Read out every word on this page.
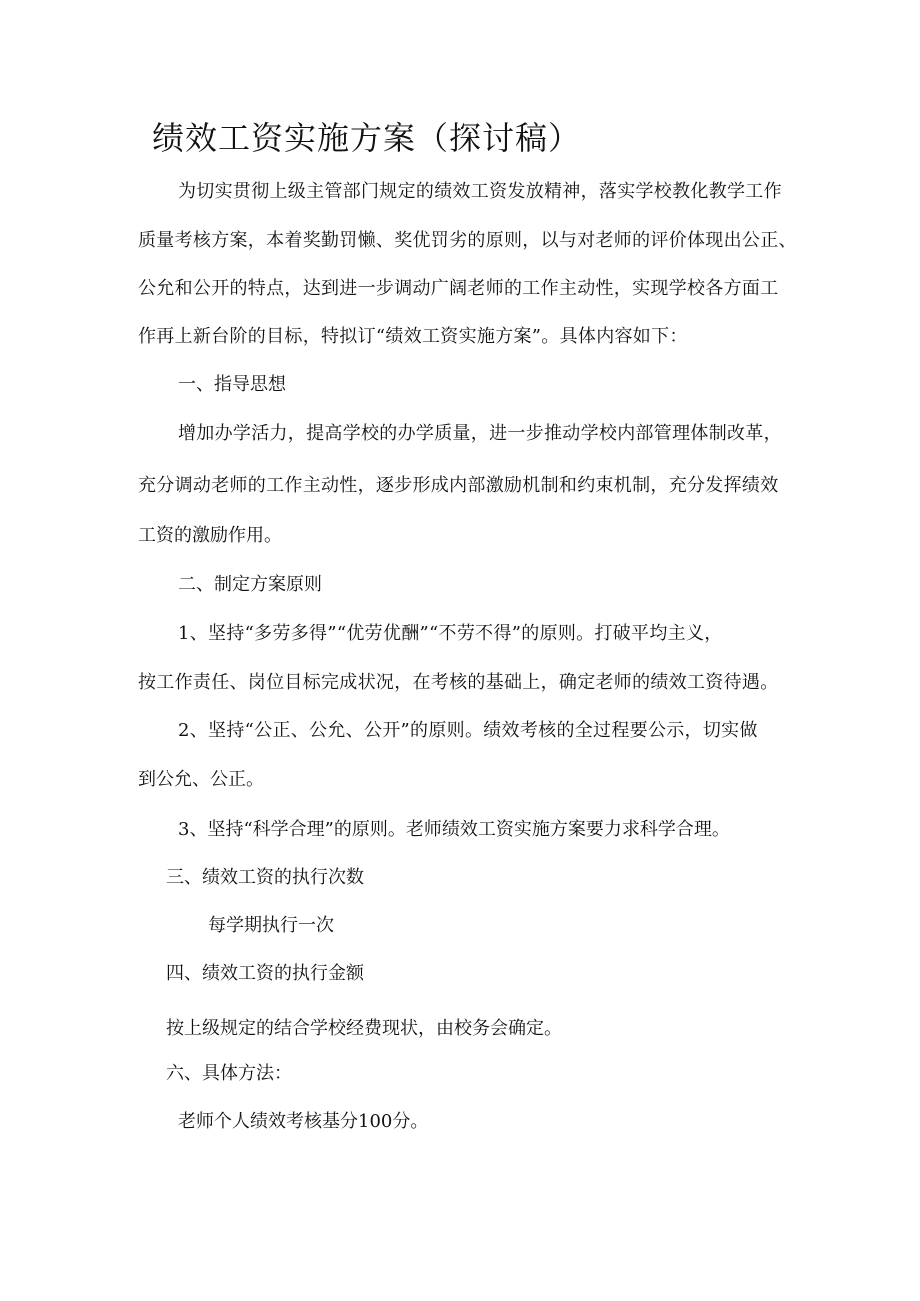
绩效工资实施方案（探讨稿）
为切实贯彻上级主管部门规定的绩效工资发放精神，落实学校教化教学工作
质量考核方案，本着奖勤罚懒、奖优罚劣的原则，以与对老师的评价体现出公正、
公允和公开的特点，达到进一步调动广阔老师的工作主动性，实现学校各方面工
作再上新台阶的目标，特拟订“绩效工资实施方案”。具体内容如下：
一、指导思想
增加办学活力，提高学校的办学质量，进一步推动学校内部管理体制改革，
充分调动老师的工作主动性，逐步形成内部激励机制和约束机制，充分发挥绩效
工资的激励作用。
二、制定方案原则
1、坚持“多劳多得”“优劳优酬”“不劳不得”的原则。打破平均主义，
按工作责任、岗位目标完成状况，在考核的基础上，确定老师的绩效工资待遇。
2、坚持“公正、公允、公开”的原则。绩效考核的全过程要公示，切实做
到公允、公正。
3、坚持“科学合理”的原则。老师绩效工资实施方案要力求科学合理。
三、绩效工资的执行次数
每学期执行一次
四、绩效工资的执行金额
按上级规定的结合学校经费现状，由校务会确定。
六、具体方法：
老师个人绩效考核基分100分。
